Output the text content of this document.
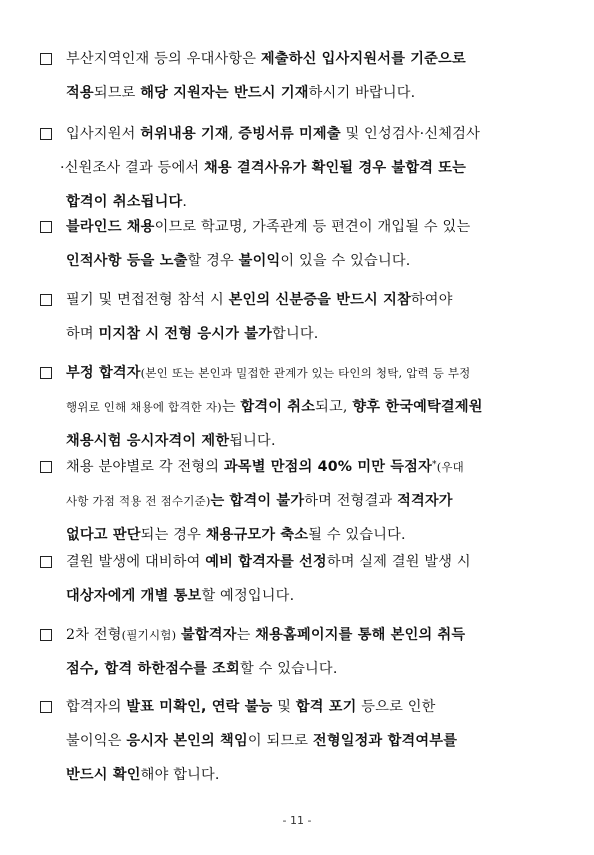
부산지역인재 등의 우대사항은 제출하신 입사지원서를 기준으로
적용되므로 해당 지원자는 반드시 기재하시기 바랍니다.
입사지원서 허위내용 기재, 증빙서류 미제출 및 인성검사·신체검사
·신원조사 결과 등에서 채용 결격사유가 확인될 경우 불합격 또는
합격이 취소됩니다.
블라인드 채용이므로 학교명, 가족관계 등 편견이 개입될 수 있는
인적사항 등을 노출할 경우 불이익이 있을 수 있습니다.
필기 및 면접전형 참석 시 본인의 신분증을 반드시 지참하여야
하며 미지참 시 전형 응시가 불가합니다.
부정 합격자(본인 또는 본인과 밀접한 관계가 있는 타인의 청탁, 압력 등 부정
행위로 인해 채용에 합격한 자)는 합격이 취소되고, 향후 한국예탁결제원
채용시험 응시자격이 제한됩니다.
채용 분야별로 각 전형의 과목별 만점의 40% 미만 득점자*(우대
사항 가점 적용 전 점수기준)는 합격이 불가하며 전형결과 적격자가
없다고 판단되는 경우 채용규모가 축소될 수 있습니다.
결원 발생에 대비하여 예비 합격자를 선정하며 실제 결원 발생 시
대상자에게 개별 통보할 예정입니다.
2차 전형(필기시험) 불합격자는 채용홈페이지를 통해 본인의 취득
점수, 합격 하한점수를 조회할 수 있습니다.
합격자의 발표 미확인, 연락 불능 및 합격 포기 등으로 인한
불이익은 응시자 본인의 책임이 되므로 전형일정과 합격여부를
반드시 확인해야 합니다.
- 11 -
